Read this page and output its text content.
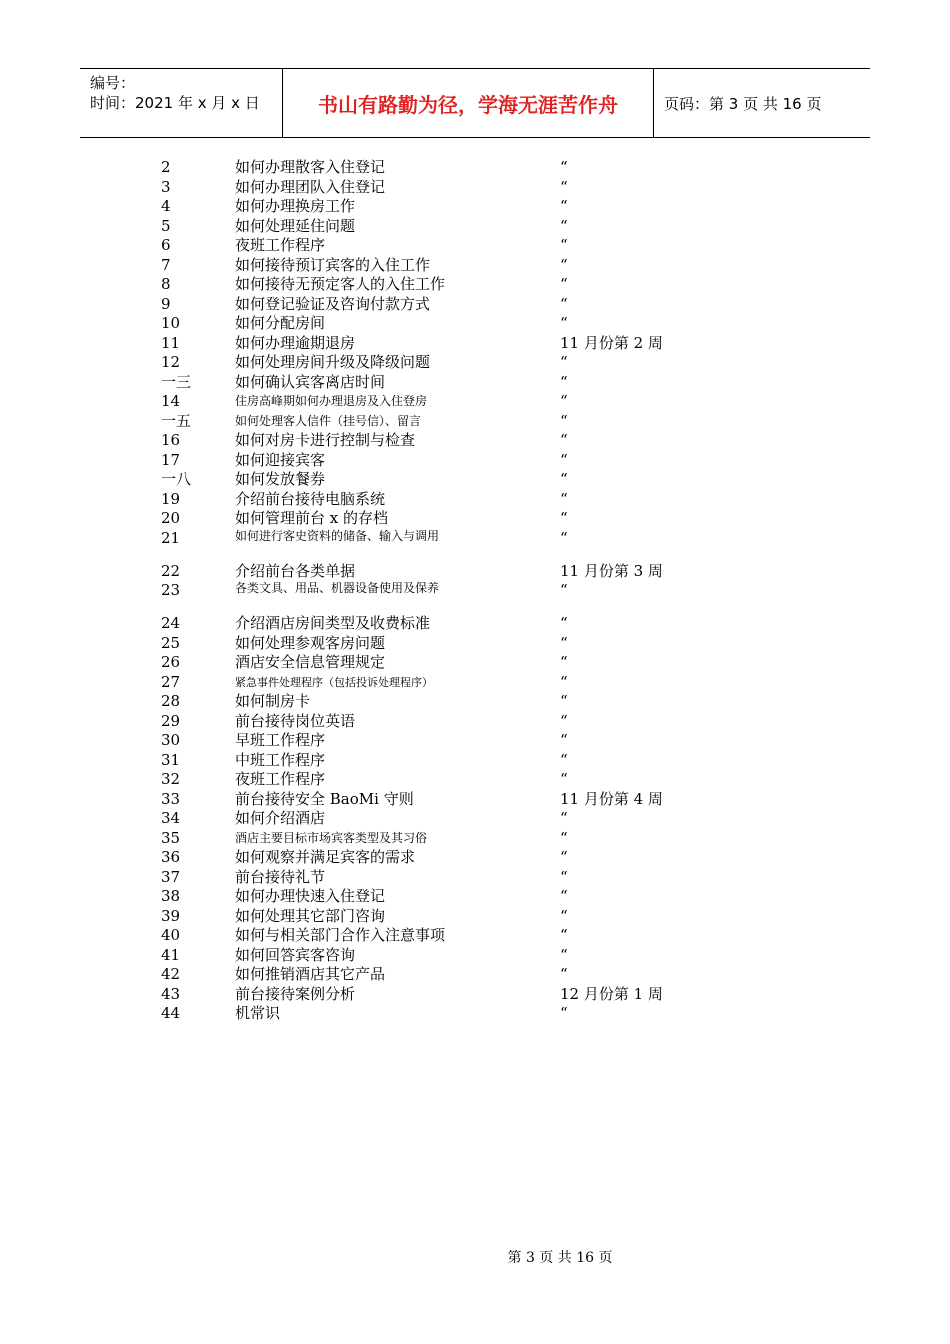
编号：
时间：2021 年 x 月 x 日	书山有路勤为径，学海无涯苦作舟	页码：第 3 页 共 16 页
2	如何办理散客入住登记	“
3	如何办理团队入住登记	“
4	如何办理换房工作	“
5	如何处理延住问题	“
6	夜班工作程序	“
7	如何接待预订宾客的入住工作	“
8	如何接待无预定客人的入住工作	“
9	如何登记验证及咨询付款方式	“
10	如何分配房间	“
11	如何办理逾期退房	11 月份第 2 周
12	如何处理房间升级及降级问题	“
一三	如何确认宾客离店时间	“
14	住房高峰期如何办理退房及入住登房	“
一五	如何处理客人信件（挂号信）、留言	“
16	如何对房卡进行控制与检查	“
17	如何迎接宾客	“
一八	如何发放餐券	“
19	介绍前台接待电脑系统	“
20	如何管理前台 x 的存档	“
21	如何进行客史资料的储备、输入与调用	“
22	介绍前台各类单据	11 月份第 3 周
23	各类文具、用品、机器设备使用及保养	“
24	介绍酒店房间类型及收费标准	“
25	如何处理参观客房问题	“
26	酒店安全信息管理规定	“
27	紧急事件处理程序（包括投诉处理程序）	“
28	如何制房卡	“
29	前台接待岗位英语	“
30	早班工作程序	“
31	中班工作程序	“
32	夜班工作程序	“
33	前台接待安全 BaoMi 守则	11 月份第 4 周
34	如何介绍酒店	“
35	酒店主要目标市场宾客类型及其习俗	“
36	如何观察并满足宾客的需求	“
37	前台接待礼节	“
38	如何办理快速入住登记	“
39	如何处理其它部门咨询	“
40	如何与相关部门合作入注意事项	“
41	如何回答宾客咨询	“
42	如何推销酒店其它产品	“
43	前台接待案例分析	12 月份第 1 周
44	机常识	“
第 3 页 共 16 页
